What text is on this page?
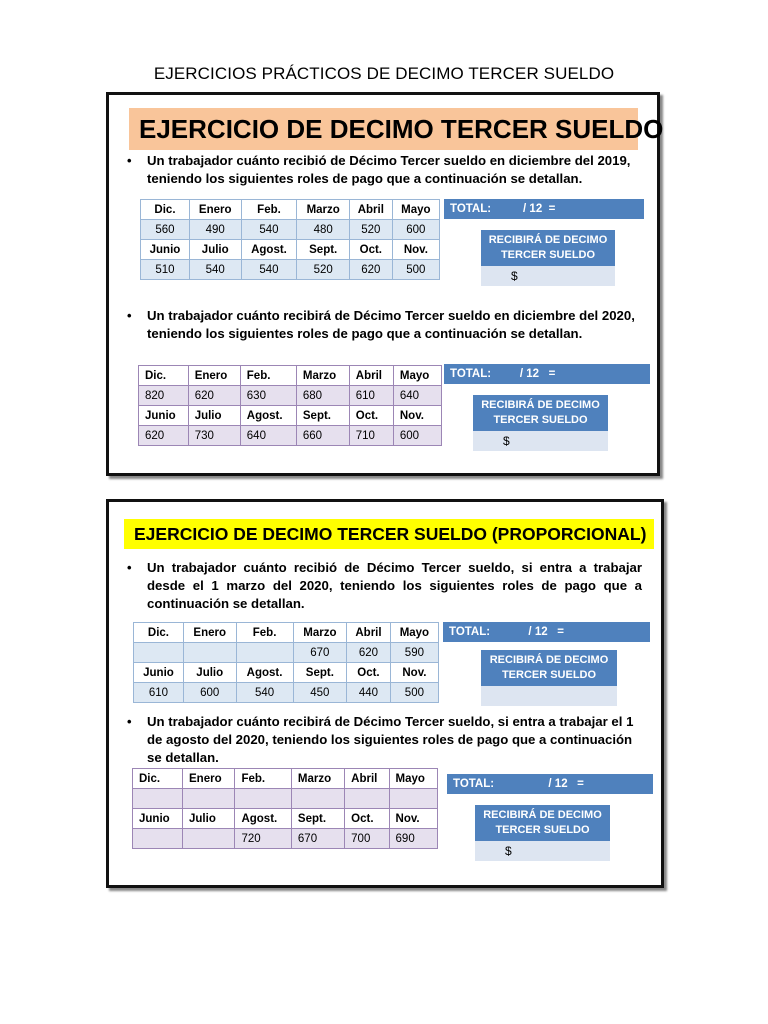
EJERCICIOS PRÁCTICOS DE DECIMO TERCER SUELDO
EJERCICIO DE DECIMO TERCER SUELDO
• Un trabajador cuánto recibió de Décimo Tercer sueldo en diciembre del 2019, teniendo los siguientes roles de pago que a continuación se detallan.
Dic.	Enero	Feb.	Marzo	Abril	Mayo
560	490	540	480	520	600
Junio	Julio	Agost.	Sept.	Oct.	Nov.
510	540	540	520	620	500
TOTAL:          / 12  =
RECIBIRÁ DE DECIMO TERCER SUELDO
$
• Un trabajador cuánto recibirá de Décimo Tercer sueldo en diciembre del 2020, teniendo los siguientes roles de pago que a continuación se detallan.
Dic.	Enero	Feb.	Marzo	Abril	Mayo
820	620	630	680	610	640
Junio	Julio	Agost.	Sept.	Oct.	Nov.
620	730	640	660	710	600
TOTAL:         / 12   =
RECIBIRÁ DE DECIMO TERCER SUELDO
$
EJERCICIO DE DECIMO TERCER SUELDO (PROPORCIONAL)
• Un trabajador cuánto recibió de Décimo Tercer sueldo, si entra a trabajar desde el 1 marzo del 2020, teniendo los siguientes roles de pago que a continuación se detallan.
Dic.	Enero	Feb.	Marzo	Abril	Mayo
			670	620	590
Junio	Julio	Agost.	Sept.	Oct.	Nov.
610	600	540	450	440	500
TOTAL:            / 12   =
RECIBIRÁ DE DECIMO TERCER SUELDO
• Un trabajador cuánto recibirá de Décimo Tercer sueldo, si entra a trabajar el 1 de agosto del 2020, teniendo los siguientes roles de pago que a continuación se detallan.
Dic.	Enero	Feb.	Marzo	Abril	Mayo

Junio	Julio	Agost.	Sept.	Oct.	Nov.
		720	670	700	690
TOTAL:                 / 12   =
RECIBIRÁ DE DECIMO TERCER SUELDO
$
